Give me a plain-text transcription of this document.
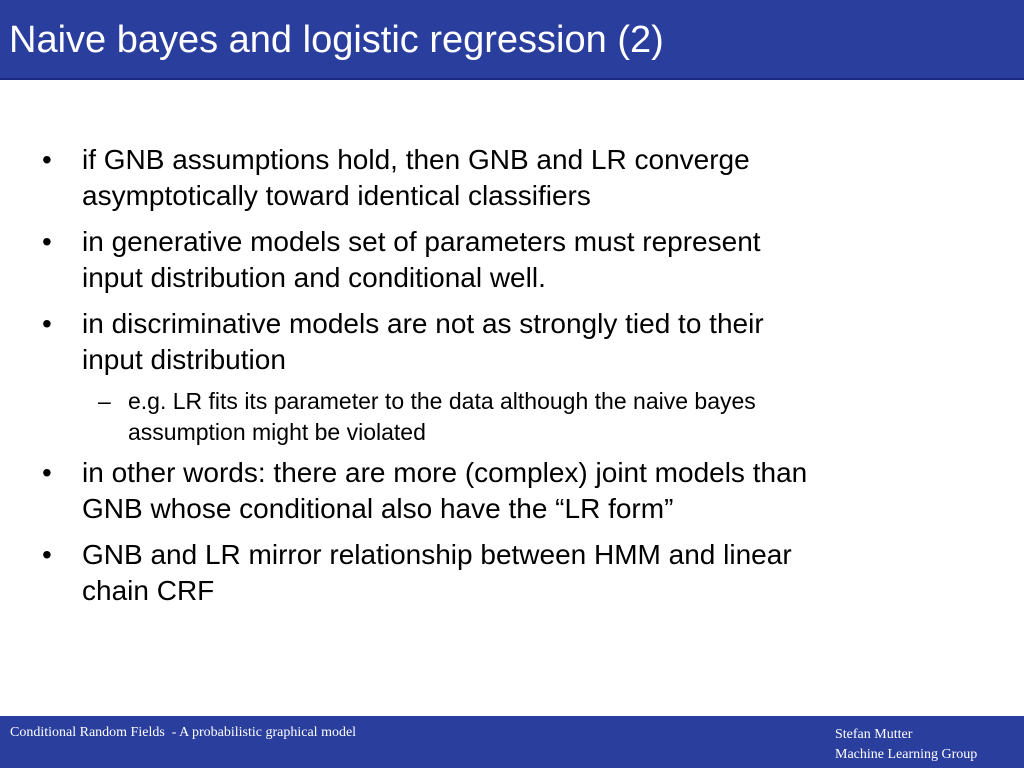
Naive bayes and logistic regression (2)
• if GNB assumptions hold, then GNB and LR converge
asymptotically toward identical classifiers
• in generative models set of parameters must represent
input distribution and conditional well.
• in discriminative models are not as strongly tied to their
input distribution
– e.g. LR fits its parameter to the data although the naive bayes
assumption might be violated
• in other words: there are more (complex) joint models than
GNB whose conditional also have the “LR form”
• GNB and LR mirror relationship between HMM and linear
chain CRF
Conditional Random Fields  - A probabilistic graphical model	Stefan Mutter
Machine Learning Group
